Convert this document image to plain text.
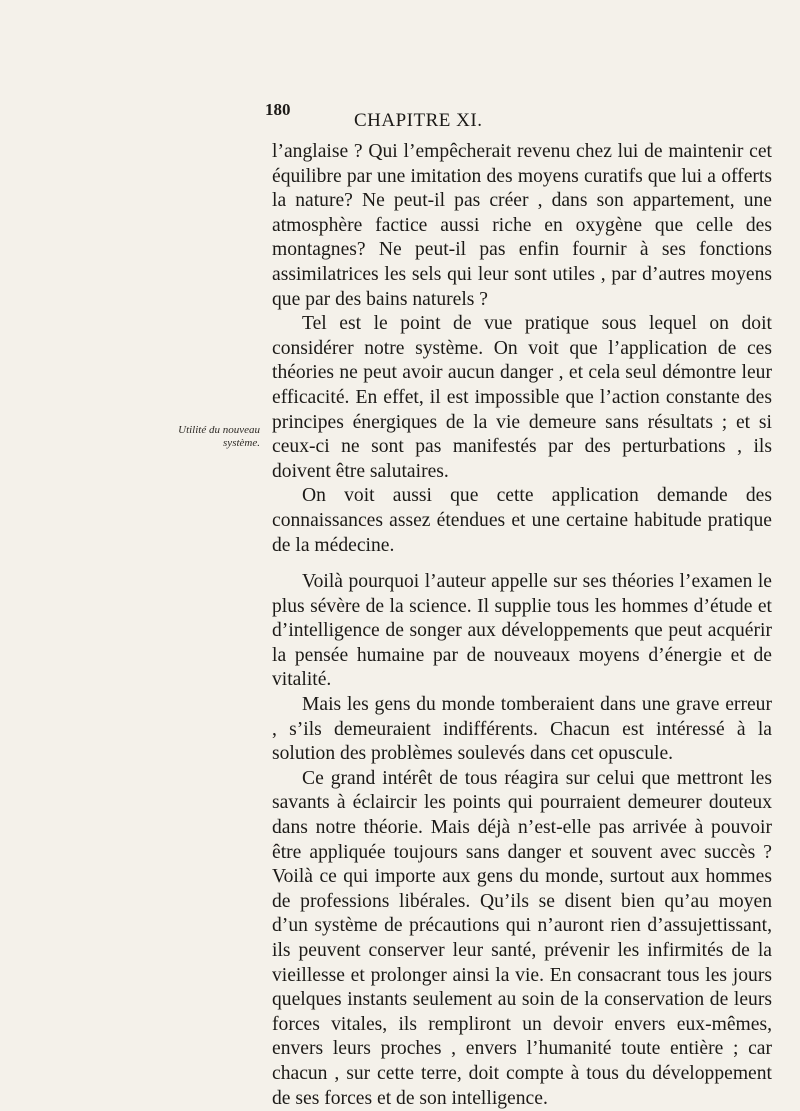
180
CHAPITRE XI.
Utilité du nouveau
système.

l’anglaise ? Qui l’empêcherait revenu chez lui de maintenir cet équilibre par une imitation des moyens curatifs que lui a offerts la nature? Ne peut-il pas créer , dans son appartement, une atmosphère factice aussi riche en oxygène que celle des montagnes? Ne peut-il pas enfin fournir à ses fonctions assimilatrices les sels qui leur sont utiles , par d’autres moyens que par des bains naturels ?

Tel est le point de vue pratique sous lequel on doit considérer notre système. On voit que l’application de ces théories ne peut avoir aucun danger , et cela seul démontre leur efficacité. En effet, il est impossible que l’action constante des principes énergiques de la vie demeure sans résultats ; et si ceux-ci ne sont pas manifestés par des perturbations , ils doivent être salutaires.

On voit aussi que cette application demande des connaissances assez étendues et une certaine habitude pratique de la médecine.

Voilà pourquoi l’auteur appelle sur ses théories l’examen le plus sévère de la science. Il supplie tous les hommes d’étude et d’intelligence de songer aux développements que peut acquérir la pensée humaine par de nouveaux moyens d’énergie et de vitalité.

Mais les gens du monde tomberaient dans une grave erreur , s’ils demeuraient indifférents. Chacun est intéressé à la solution des problèmes soulevés dans cet opuscule.

Ce grand intérêt de tous réagira sur celui que mettront les savants à éclaircir les points qui pourraient demeurer douteux dans notre théorie. Mais déjà n’est-elle pas arrivée à pouvoir être appliquée toujours sans danger et souvent avec succès ? Voilà ce qui importe aux gens du monde, surtout aux hommes de professions libérales. Qu’ils se disent bien qu’au moyen d’un système de précautions qui n’auront rien d’assujettissant, ils peuvent conserver leur santé, prévenir les infirmités de la vieillesse et prolonger ainsi la vie. En consacrant tous les jours quelques instants seulement au soin de la conservation de leurs forces vitales, ils rempliront un devoir envers eux-mêmes, envers leurs proches , envers l’humanité toute entière ; car chacun , sur cette terre, doit compte à tous du développement de ses forces et de son intelligence.
